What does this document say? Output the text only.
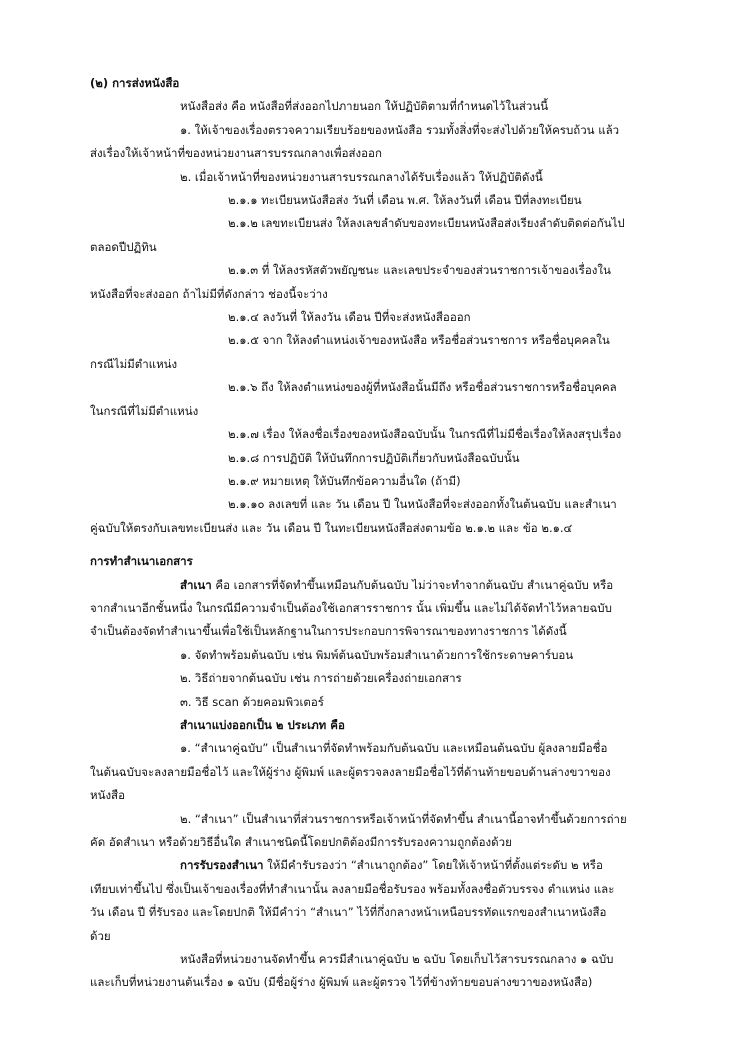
(๒) การส่งหนังสือ
หนังสือส่ง คือ หนังสือที่ส่งออกไปภายนอก ให้ปฏิบัติตามที่กำหนดไว้ในส่วนนี้
๑. ให้เจ้าของเรื่องตรวจความเรียบร้อยของหนังสือ รวมทั้งสิ่งที่จะส่งไปด้วยให้ครบถ้วน แล้ว
ส่งเรื่องให้เจ้าหน้าที่ของหน่วยงานสารบรรณกลางเพื่อส่งออก
๒. เมื่อเจ้าหน้าที่ของหน่วยงานสารบรรณกลางได้รับเรื่องแล้ว ให้ปฏิบัติดังนี้
๒.๑.๑ ทะเบียนหนังสือส่ง วันที่ เดือน พ.ศ. ให้ลงวันที่ เดือน ปีที่ลงทะเบียน
๒.๑.๒ เลขทะเบียนส่ง ให้ลงเลขลำดับของทะเบียนหนังสือส่งเรียงลำดับติดต่อกันไป
ตลอดปีปฏิทิน
๒.๑.๓ ที่ ให้ลงรหัสตัวพยัญชนะ และเลขประจำของส่วนราชการเจ้าของเรื่องใน
หนังสือที่จะส่งออก ถ้าไม่มีที่ดังกล่าว ช่องนี้จะว่าง
๒.๑.๔ ลงวันที่ ให้ลงวัน เดือน ปีที่จะส่งหนังสือออก
๒.๑.๕ จาก ให้ลงตำแหน่งเจ้าของหนังสือ หรือชื่อส่วนราชการ หรือชื่อบุคคลใน
กรณีไม่มีตำแหน่ง
๒.๑.๖ ถึง ให้ลงตำแหน่งของผู้ที่หนังสือนั้นมีถึง หรือชื่อส่วนราชการหรือชื่อบุคคล
ในกรณีที่ไม่มีตำแหน่ง
๒.๑.๗ เรื่อง ให้ลงชื่อเรื่องของหนังสือฉบับนั้น ในกรณีที่ไม่มีชื่อเรื่องให้ลงสรุปเรื่อง
๒.๑.๘ การปฏิบัติ ให้บันทึกการปฏิบัติเกี่ยวกับหนังสือฉบับนั้น
๒.๑.๙ หมายเหตุ ให้บันทึกข้อความอื่นใด (ถ้ามี)
๒.๑.๑๐ ลงเลขที่ และ วัน เดือน ปี ในหนังสือที่จะส่งออกทั้งในต้นฉบับ และสำเนา
คู่ฉบับให้ตรงกับเลขทะเบียนส่ง และ วัน เดือน ปี ในทะเบียนหนังสือส่งตามข้อ ๒.๑.๒ และ ข้อ ๒.๑.๔
การทำสำเนาเอกสาร
สำเนา คือ เอกสารที่จัดทำขึ้นเหมือนกับต้นฉบับ ไม่ว่าจะทำจากต้นฉบับ สำเนาคู่ฉบับ หรือ
จากสำเนาอีกชั้นหนึ่ง ในกรณีมีความจำเป็นต้องใช้เอกสารราชการ นั้น เพิ่มขึ้น และไม่ได้จัดทำไว้หลายฉบับ
จำเป็นต้องจัดทำสำเนาขึ้นเพื่อใช้เป็นหลักฐานในการประกอบการพิจารณาของทางราชการ ได้ดังนี้
๑. จัดทำพร้อมต้นฉบับ เช่น พิมพ์ต้นฉบับพร้อมสำเนาด้วยการใช้กระดาษคาร์บอน
๒. วิธีถ่ายจากต้นฉบับ เช่น การถ่ายด้วยเครื่องถ่ายเอกสาร
๓. วิธี scan ด้วยคอมพิวเตอร์
สำเนาแบ่งออกเป็น ๒ ประเภท คือ
๑. “สำเนาคู่ฉบับ” เป็นสำเนาที่จัดทำพร้อมกับต้นฉบับ และเหมือนต้นฉบับ ผู้ลงลายมือชื่อ
ในต้นฉบับจะลงลายมือชื่อไว้ และให้ผู้ร่าง ผู้พิมพ์ และผู้ตรวจลงลายมือชื่อไว้ที่ด้านท้ายขอบด้านล่างขวาของ
หนังสือ
๒. “สำเนา” เป็นสำเนาที่ส่วนราชการหรือเจ้าหน้าที่จัดทำขึ้น สำเนานี้อาจทำขึ้นด้วยการถ่าย
คัด อัดสำเนา หรือด้วยวิธีอื่นใด สำเนาชนิดนี้โดยปกติต้องมีการรับรองความถูกต้องด้วย
การรับรองสำเนา ให้มีคำรับรองว่า “สำเนาถูกต้อง” โดยให้เจ้าหน้าที่ตั้งแต่ระดับ ๒ หรือ
เทียบเท่าขึ้นไป ซึ่งเป็นเจ้าของเรื่องที่ทำสำเนานั้น ลงลายมือชื่อรับรอง พร้อมทั้งลงชื่อตัวบรรจง ตำแหน่ง และ
วัน เดือน ปี ที่รับรอง และโดยปกติ ให้มีคำว่า “สำเนา” ไว้ที่กึ่งกลางหน้าเหนือบรรทัดแรกของสำเนาหนังสือ
ด้วย
หนังสือที่หน่วยงานจัดทำขึ้น ควรมีสำเนาคู่ฉบับ ๒ ฉบับ โดยเก็บไว้สารบรรณกลาง ๑ ฉบับ
และเก็บที่หน่วยงานต้นเรื่อง ๑ ฉบับ (มีชื่อผู้ร่าง ผู้พิมพ์ และผู้ตรวจ ไว้ที่ข้างท้ายขอบล่างขวาของหนังสือ)
